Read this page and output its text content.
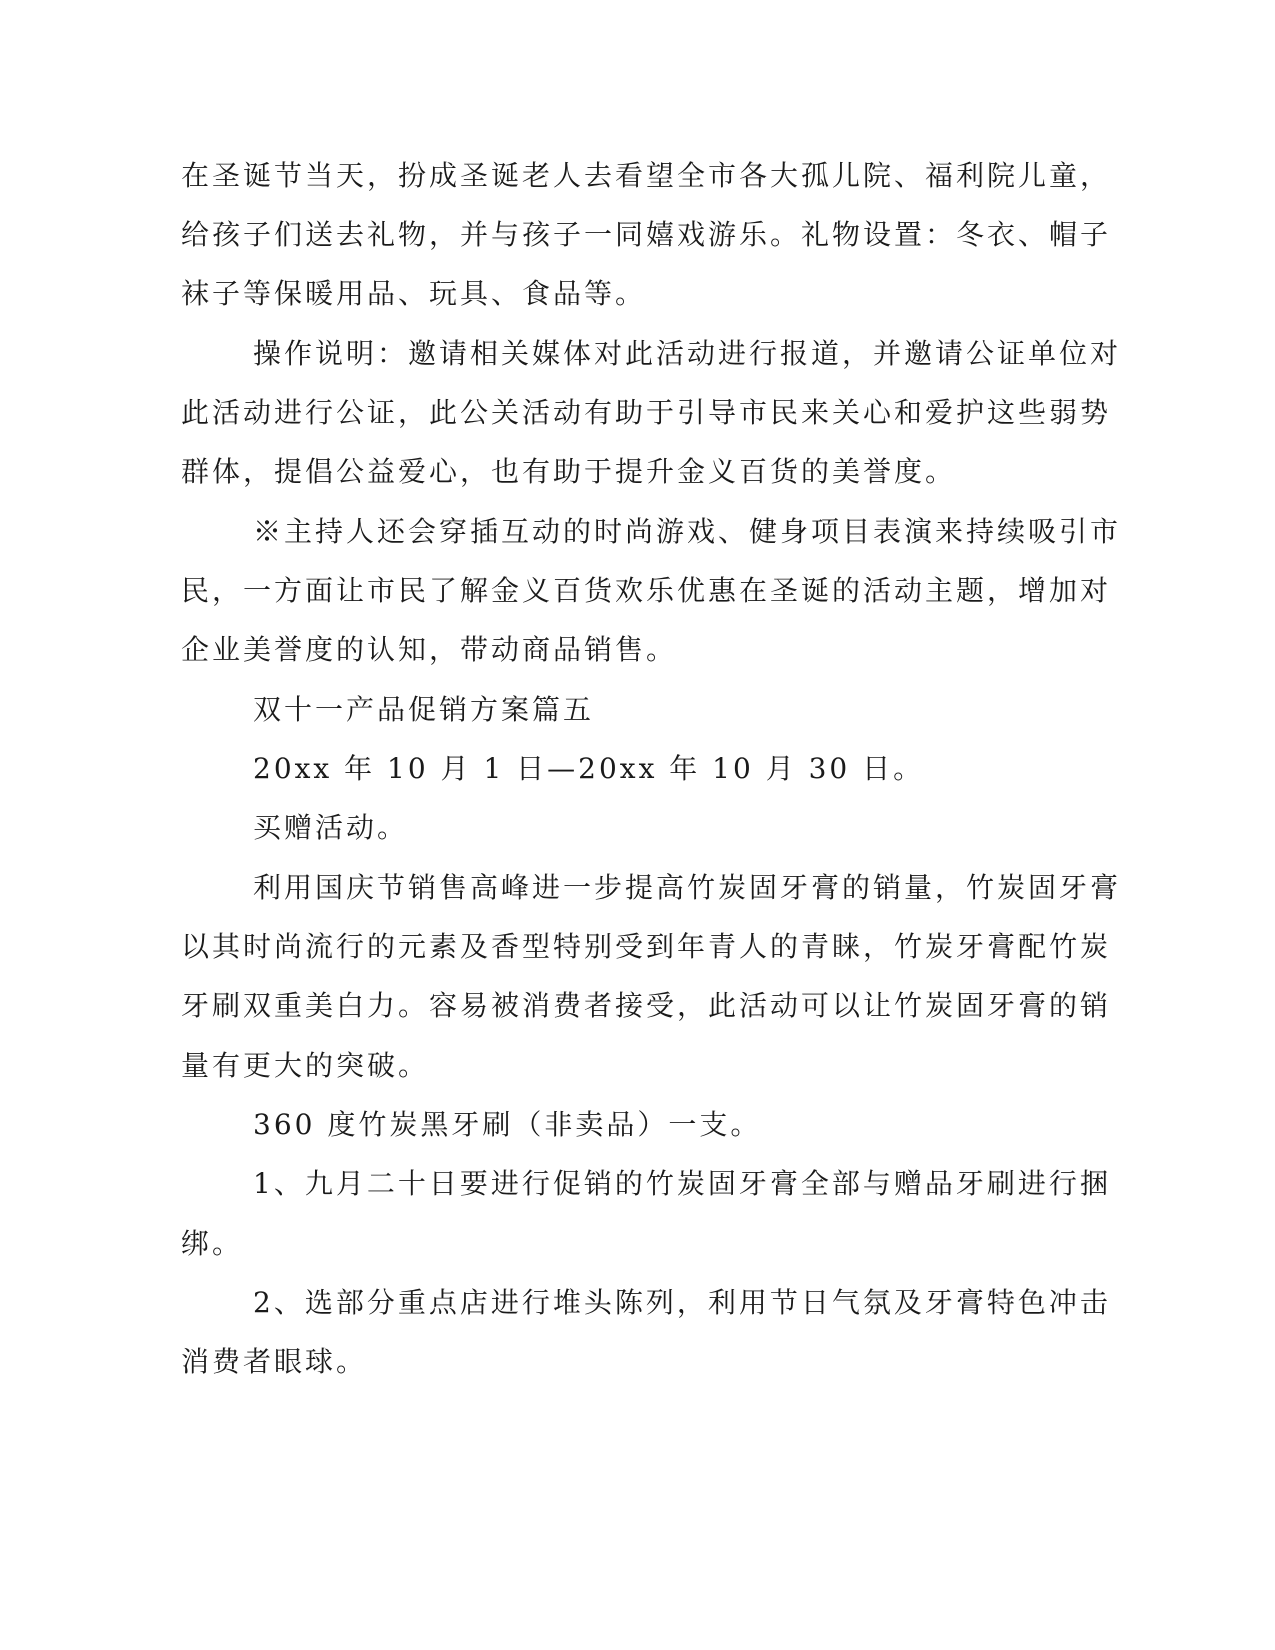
在圣诞节当天，扮成圣诞老人去看望全市各大孤儿院、福利院儿童，
给孩子们送去礼物，并与孩子一同嬉戏游乐。礼物设置：冬衣、帽子
袜子等保暖用品、玩具、食品等。
操作说明：邀请相关媒体对此活动进行报道，并邀请公证单位对
此活动进行公证，此公关活动有助于引导市民来关心和爱护这些弱势
群体，提倡公益爱心，也有助于提升金义百货的美誉度。
※主持人还会穿插互动的时尚游戏、健身项目表演来持续吸引市
民，一方面让市民了解金义百货欢乐优惠在圣诞的活动主题，增加对
企业美誉度的认知，带动商品销售。
双十一产品促销方案篇五
20xx 年 10 月 1 日—20xx 年 10 月 30 日。
买赠活动。
利用国庆节销售高峰进一步提高竹炭固牙膏的销量，竹炭固牙膏
以其时尚流行的元素及香型特别受到年青人的青睐，竹炭牙膏配竹炭
牙刷双重美白力。容易被消费者接受，此活动可以让竹炭固牙膏的销
量有更大的突破。
360 度竹炭黑牙刷（非卖品）一支。
1、九月二十日要进行促销的竹炭固牙膏全部与赠品牙刷进行捆
绑。
2、选部分重点店进行堆头陈列，利用节日气氛及牙膏特色冲击
消费者眼球。
